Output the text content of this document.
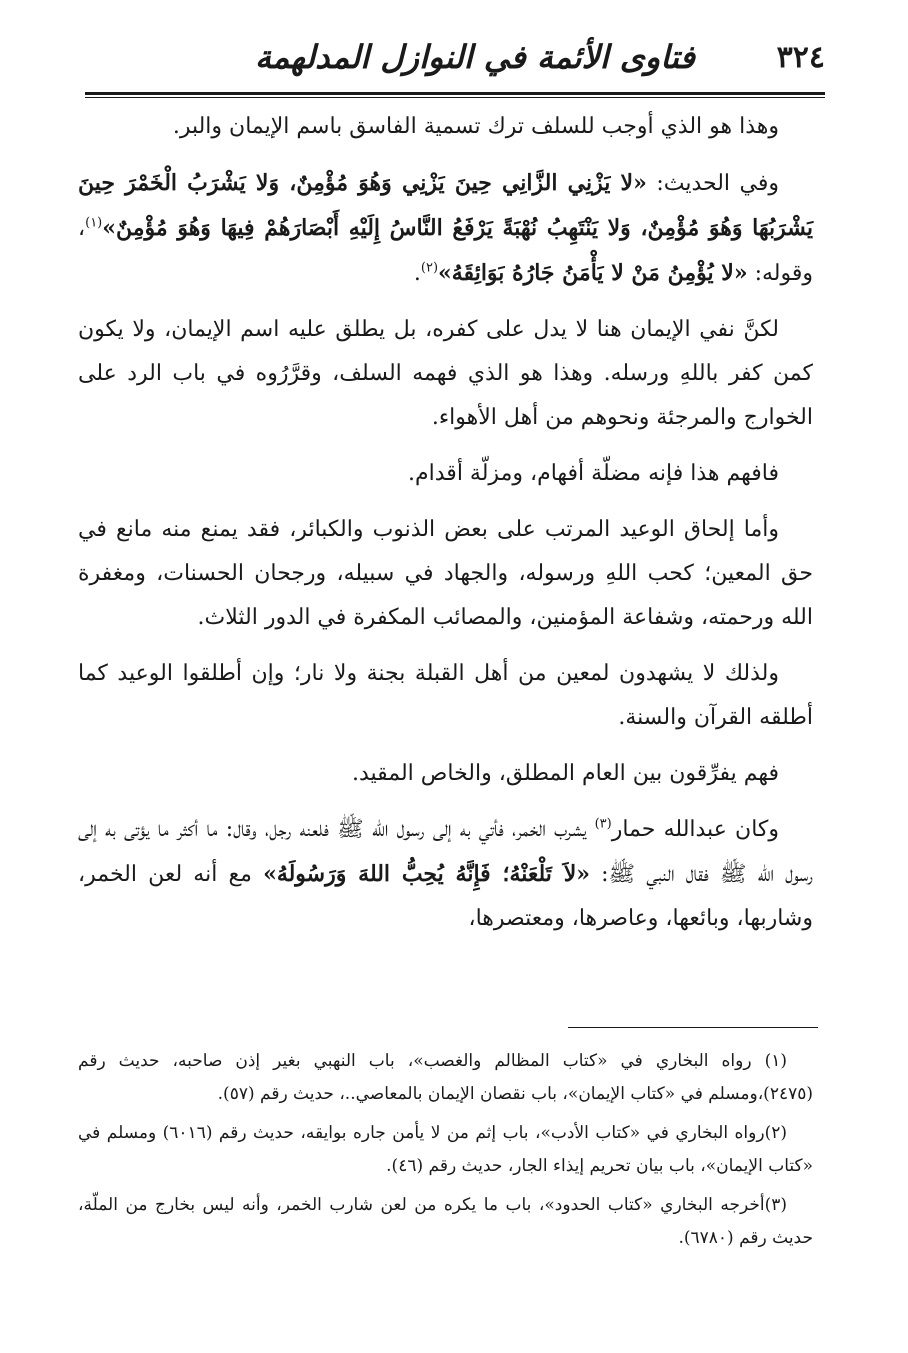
٣٢٤
فتاوى الأئمة في النوازل المدلهمة

وهذا هو الذي أوجب للسلف ترك تسمية الفاسق باسم الإيمان والبر.

وفي الحديث: «لا يَزْنِي الزَّانِي حِينَ يَزْنِي وَهُوَ مُؤْمِنٌ، وَلا يَشْرَبُ الْخَمْرَ حِينَ يَشْرَبُهَا وَهُوَ مُؤْمِنٌ، وَلا يَنْتَهِبُ نُهْبَةً يَرْفَعُ النَّاسُ إِلَيْهِ أَبْصَارَهُمْ فِيهَا وَهُوَ مُؤْمِنٌ»$^{(١)}$، وقوله: «لا يُؤْمِنُ مَنْ لا يَأْمَنُ جَارُهُ بَوَائِقَهُ»$^{(٢)}$.

لكنَّ نفي الإيمان هنا لا يدل على كفره، بل يطلق عليه اسم الإيمان، ولا يكون كمن كفر باللهِ ورسله. وهذا هو الذي فهمه السلف، وقرَّرُوه في باب الرد على الخوارج والمرجئة ونحوهم من أهل الأهواء.

فافهم هذا فإنه مضلّة أفهام، ومزلّة أقدام.

وأما إلحاق الوعيد المرتب على بعض الذنوب والكبائر، فقد يمنع منه مانع في حق المعين؛ كحب اللهِ ورسوله، والجهاد في سبيله، ورجحان الحسنات، ومغفرة الله ورحمته، وشفاعة المؤمنين، والمصائب المكفرة في الدور الثلاث.

ولذلك لا يشهدون لمعين من أهل القبلة بجنة ولا نار؛ وإن أطلقوا الوعيد كما أطلقه القرآن والسنة.

فهم يفرِّقون بين العام المطلق، والخاص المقيد.

وكان عبدالله حمار$^{(٣)}$ يشرب الخمر، فأتي به إلى رسول الله ﷺ فلعنه رجل، وقال: ما أكثر ما يؤتى به إلى رسول الله ﷺ فقال النبي ﷺ: «لاَ تَلْعَنْهُ؛ فَإِنَّهُ يُحِبُّ اللهَ وَرَسُولَهُ» مع أنه لعن الخمر، وشاربها، وبائعها، وعاصرها، ومعتصرها،

(١) رواه البخاري في «كتاب المظالم والغصب»، باب النهبي بغير إذن صاحبه، حديث رقم (٢٤٧٥)،ومسلم في «كتاب الإيمان»، باب نقصان الإيمان بالمعاصي..، حديث رقم (٥٧).

(٢)رواه البخاري في «كتاب الأدب»، باب إثم من لا يأمن جاره بوايقه، حديث رقم (٦٠١٦) ومسلم في «كتاب الإيمان»، باب بيان تحريم إيذاء الجار، حديث رقم (٤٦).

(٣)أخرجه البخاري «كتاب الحدود»، باب ما يكره من لعن شارب الخمر، وأنه ليس بخارج من الملّة، حديث رقم (٦٧٨٠).
